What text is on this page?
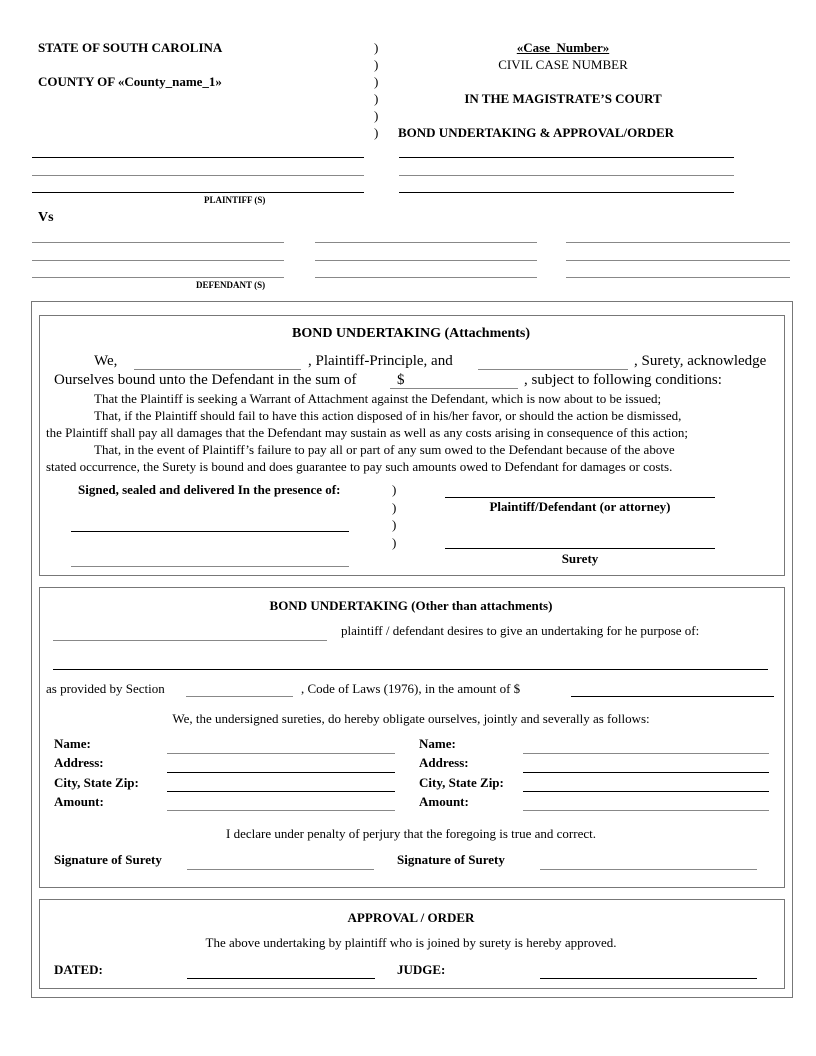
STATE OF SOUTH CAROLINA
COUNTY OF «County_name_1»
)
)
)
)
)
)
«Case_Number»
CIVIL CASE NUMBER
IN THE MAGISTRATE’S COURT
BOND UNDERTAKING & APPROVAL/ORDER
PLAINTIFF (S)
Vs
DEFENDANT (S)
BOND UNDERTAKING (Attachments)
We,	, Plaintiff-Principle, and	, Surety, acknowledge
Ourselves bound unto the Defendant in the sum of	$	, subject to following conditions:
That the Plaintiff is seeking a Warrant of Attachment against the Defendant, which is now about to be issued;
That, if the Plaintiff should fail to have this action disposed of in his/her favor, or should the action be dismissed,
the Plaintiff shall pay all damages that the Defendant may sustain as well as any costs arising in consequence of this action;
That, in the event of Plaintiff’s failure to pay all or part of any sum owed to the Defendant because of the above
stated occurrence, the Surety is bound and does guarantee to pay such amounts owed to Defendant for damages or costs.
Signed, sealed and delivered In the presence of:	)
)
)
)
Plaintiff/Defendant (or attorney)
Surety
BOND UNDERTAKING (Other than attachments)
plaintiff / defendant desires to give an undertaking for he purpose of:
as provided by Section	, Code of Laws (1976), in the amount of $
We, the undersigned sureties, do hereby obligate ourselves, jointly and severally as follows:
Name:
Address:
City, State Zip:
Amount:
Name:
Address:
City, State Zip:
Amount:
I declare under penalty of perjury that the foregoing is true and correct.
Signature of Surety	Signature of Surety
APPROVAL / ORDER
The above undertaking by plaintiff who is joined by surety is hereby approved.
DATED:	JUDGE:
